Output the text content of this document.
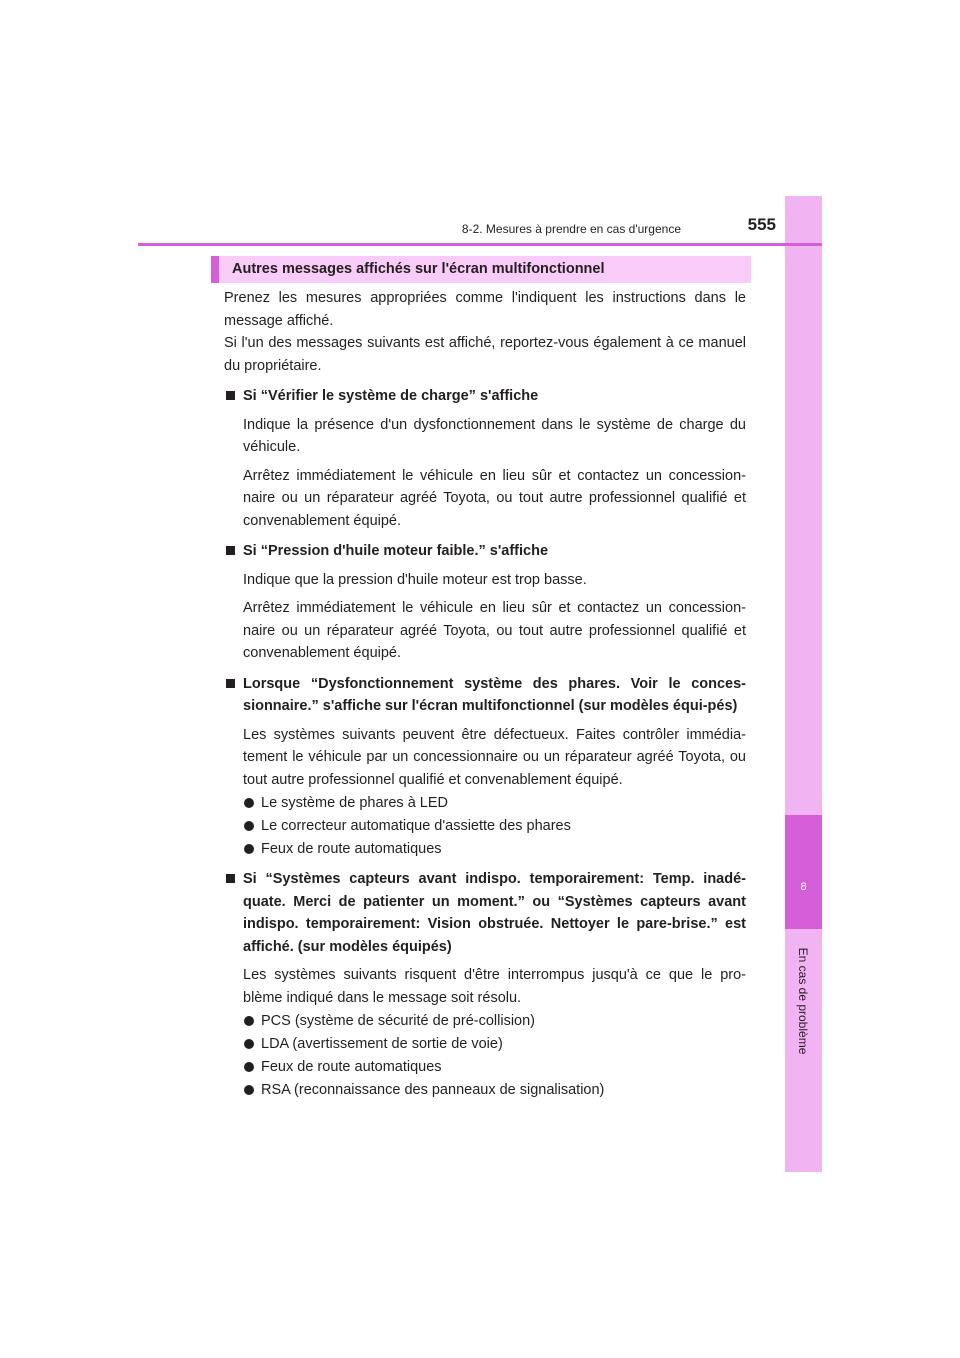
8
En cas de problème
8-2. Mesures à prendre en cas d'urgence	555
Autres messages affichés sur l'écran multifonctionnel
Prenez les mesures appropriées comme l'indiquent les instructions dans le message affiché.
Si l'un des messages suivants est affiché, reportez-vous également à ce manuel du propriétaire.
Si “Vérifier le système de charge” s'affiche
Indique la présence d'un dysfonctionnement dans le système de charge du véhicule.
Arrêtez immédiatement le véhicule en lieu sûr et contactez un concession-naire ou un réparateur agréé Toyota, ou tout autre professionnel qualifié et convenablement équipé.
Si “Pression d'huile moteur faible.” s'affiche
Indique que la pression d'huile moteur est trop basse.
Arrêtez immédiatement le véhicule en lieu sûr et contactez un concession-naire ou un réparateur agréé Toyota, ou tout autre professionnel qualifié et convenablement équipé.
Lorsque “Dysfonctionnement système des phares. Voir le conces-sionnaire.” s'affiche sur l'écran multifonctionnel (sur modèles équi-pés)
Les systèmes suivants peuvent être défectueux. Faites contrôler immédia-tement le véhicule par un concessionnaire ou un réparateur agréé Toyota, ou tout autre professionnel qualifié et convenablement équipé.
Le système de phares à LED
Le correcteur automatique d'assiette des phares
Feux de route automatiques
Si “Systèmes capteurs avant indispo. temporairement: Temp. inadé-quate. Merci de patienter un moment.” ou “Systèmes capteurs avant indispo. temporairement: Vision obstruée. Nettoyer le pare-brise.” est affiché. (sur modèles équipés)
Les systèmes suivants risquent d'être interrompus jusqu'à ce que le pro-blème indiqué dans le message soit résolu.
PCS (système de sécurité de pré-collision)
LDA (avertissement de sortie de voie)
Feux de route automatiques
RSA (reconnaissance des panneaux de signalisation)
